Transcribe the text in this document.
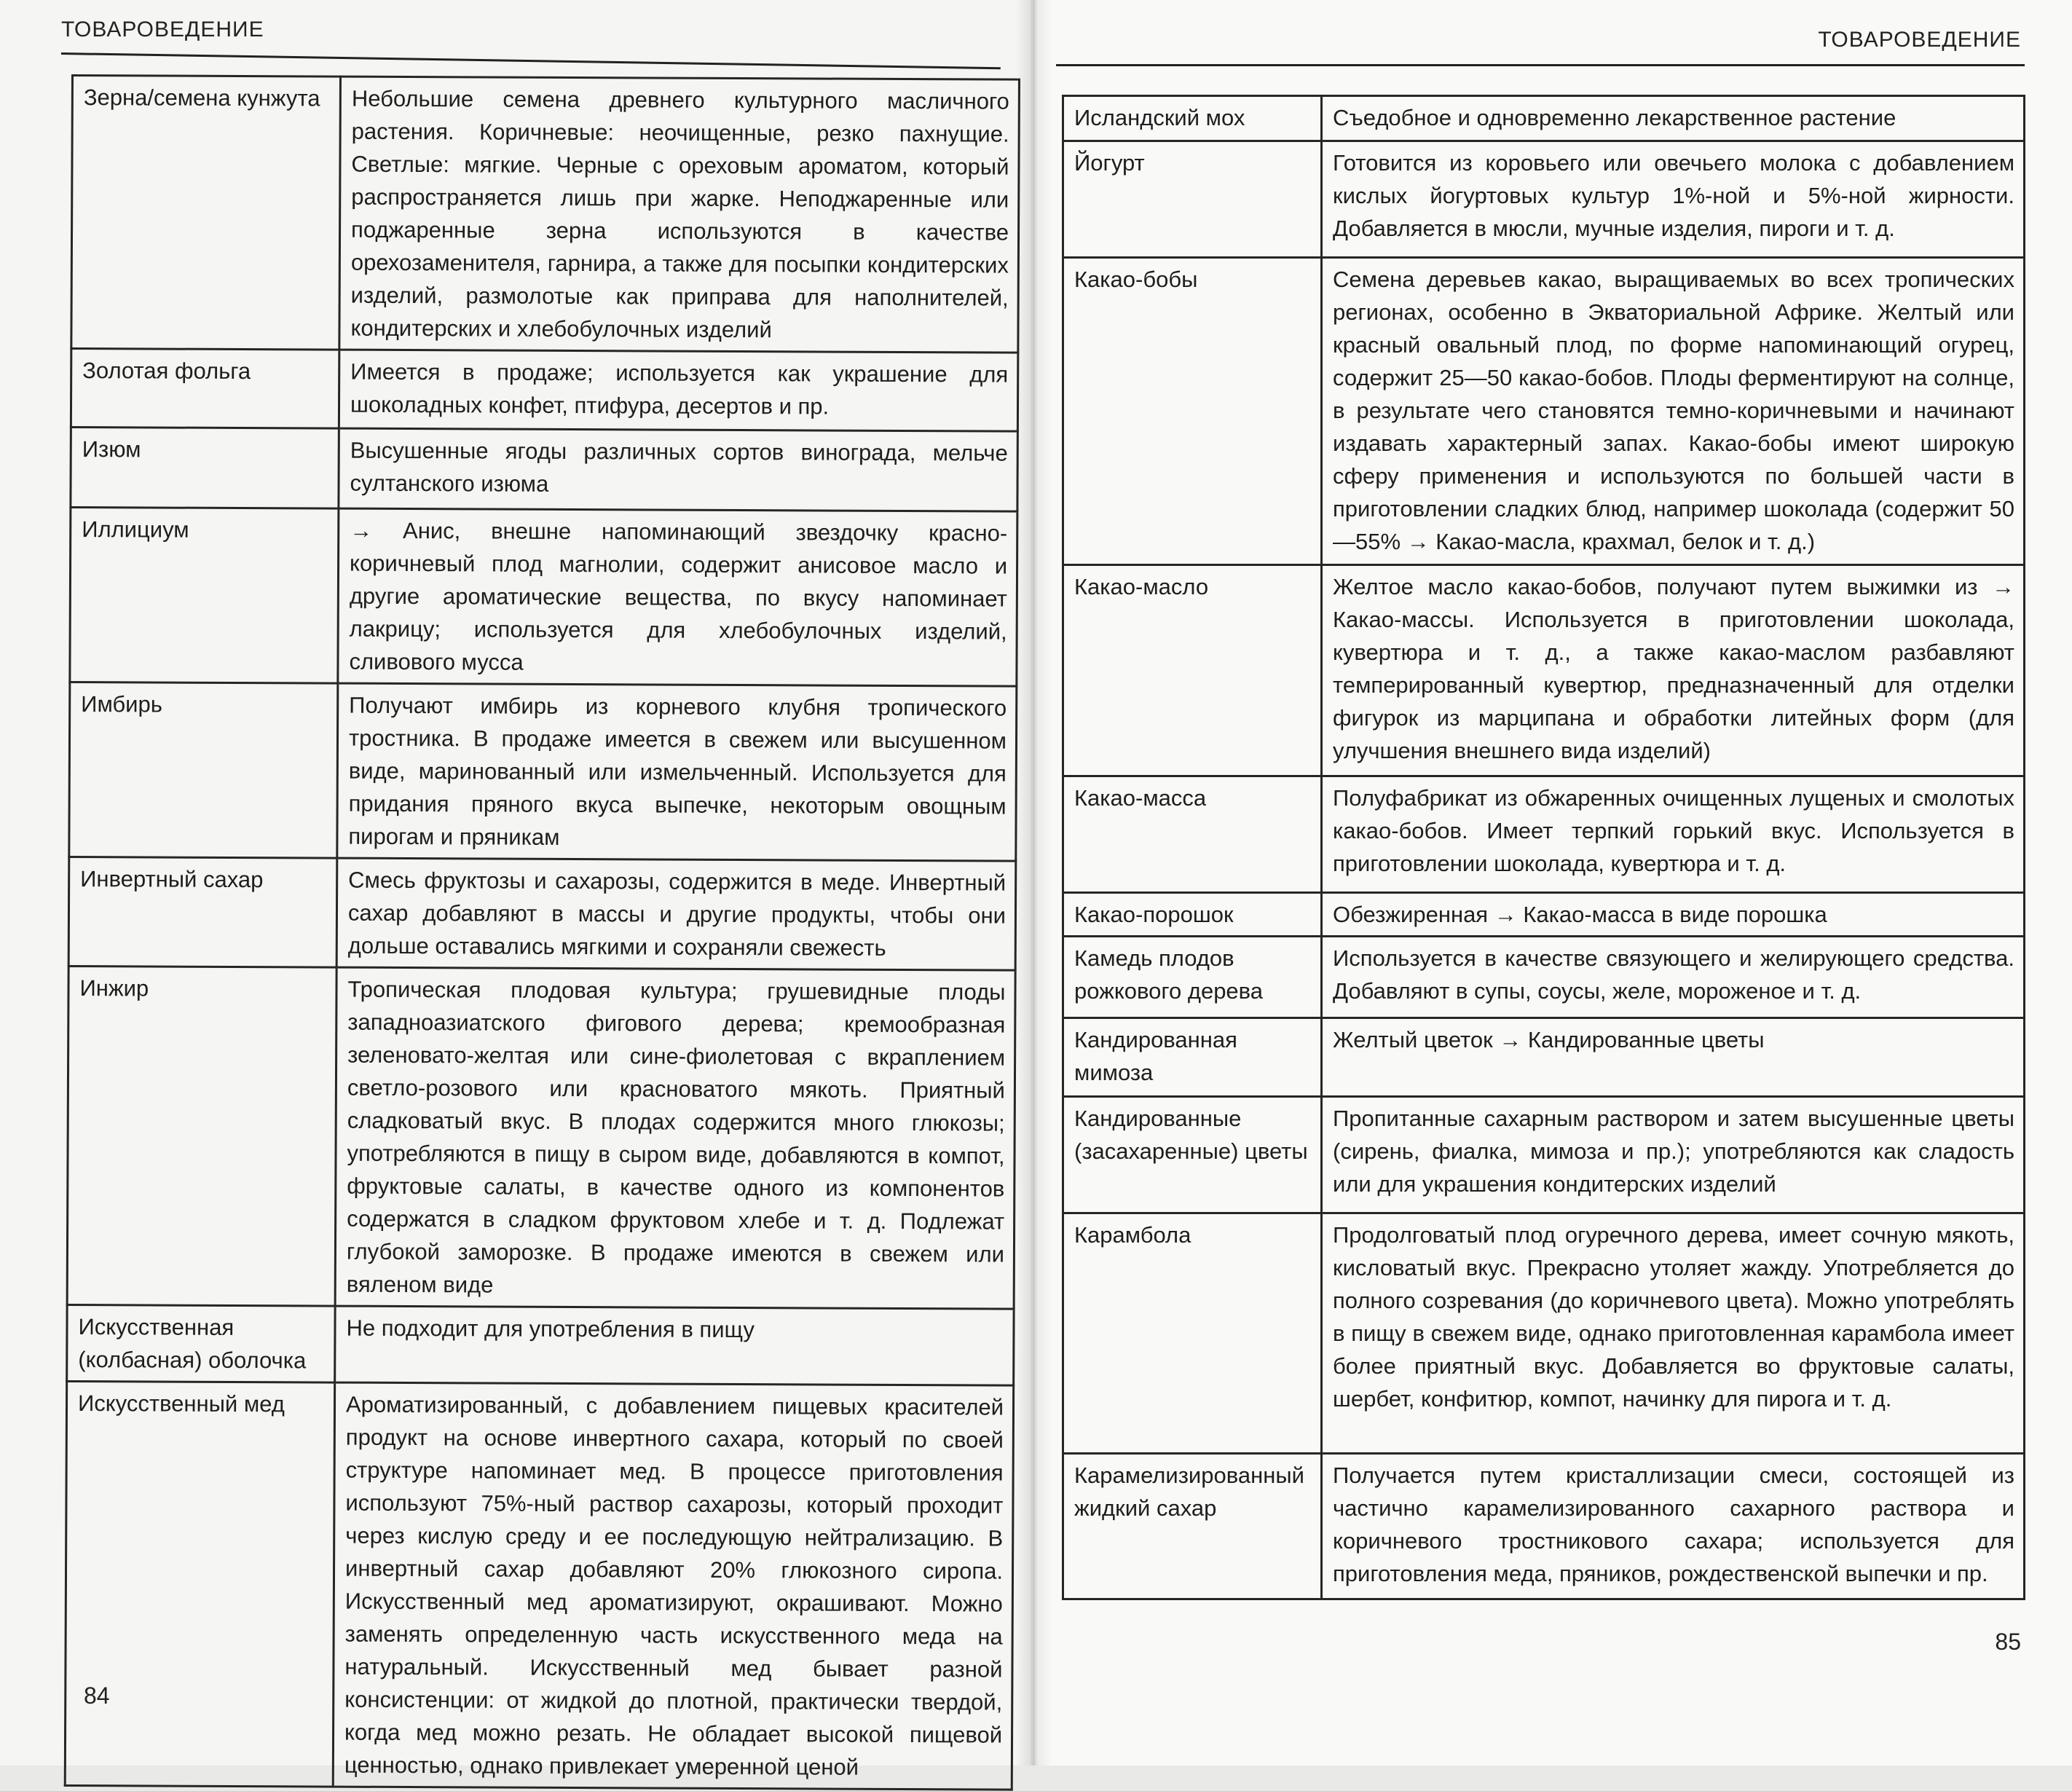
ТОВАРОВЕДЕНИЕ
Зерна/семена кунжута	Небольшие семена древнего культурного масличного растения. Коричневые: неочищенные, резко пахнущие. Светлые: мягкие. Черные с ореховым ароматом, который распространяется лишь при жарке. Неподжаренные или поджаренные зерна используются в качестве орехозаменителя, гарнира, а также для посыпки кондитерских изделий, размолотые как приправа для наполнителей, кондитерских и хлебобулочных изделий
Золотая фольга	Имеется в продаже; используется как украшение для шоколадных конфет, птифура, десертов и пр.
Изюм	Высушенные ягоды различных сортов винограда, мельче султанского изюма
Иллициум	→ Анис, внешне напоминающий звездочку красно-коричневый плод магнолии, содержит анисовое масло и другие ароматические вещества, по вкусу напоминает лакрицу; используется для хлебобулочных изделий, сливового мусса
Имбирь	Получают имбирь из корневого клубня тропического тростника. В продаже имеется в свежем или высушенном виде, маринованный или измельченный. Используется для придания пряного вкуса выпечке, некоторым овощным пирогам и пряникам
Инвертный сахар	Смесь фруктозы и сахарозы, содержится в меде. Инвертный сахар добавляют в массы и другие продукты, чтобы они дольше оставались мягкими и сохраняли свежесть
Инжир	Тропическая плодовая культура; грушевидные плоды западноазиатского фигового дерева; кремообразная зеленовато-желтая или сине-фиолетовая с вкраплением светло-розового или красноватого мякоть. Приятный сладковатый вкус. В плодах содержится много глюкозы; употребляются в пищу в сыром виде, добавляются в компот, фруктовые салаты, в качестве одного из компонентов содержатся в сладком фруктовом хлебе и т. д. Подлежат глубокой заморозке. В продаже имеются в свежем или вяленом виде
Искусственная (колбасная) оболочка	Не подходит для употребления в пищу
Искусственный мед	Ароматизированный, с добавлением пищевых красителей продукт на основе инвертного сахара, который по своей структуре напоминает мед. В процессе приготовления используют 75%-ный раствор сахарозы, который проходит через кислую среду и ее последующую нейтрализацию. В инвертный сахар добавляют 20% глюкозного сиропа. Искусственный мед ароматизируют, окрашивают. Можно заменять определенную часть искусственного меда на натуральный. Искусственный мед бывает разной консистенции: от жидкой до плотной, практически твердой, когда мед можно резать. Не обладает высокой пищевой ценностью, однако привлекает умеренной ценой
84
ТОВАРОВЕДЕНИЕ
Исландский мох	Съедобное и одновременно лекарственное растение
Йогурт	Готовится из коровьего или овечьего молока с добавлением кислых йогуртовых культур 1%-ной и 5%-ной жирности. Добавляется в мюсли, мучные изделия, пироги и т. д.
Какао-бобы	Семена деревьев какао, выращиваемых во всех тропических регионах, особенно в Экваториальной Африке. Желтый или красный овальный плод, по форме напоминающий огурец, содержит 25—50 какао-бобов. Плоды ферментируют на солнце, в результате чего становятся темно-коричневыми и начинают издавать характерный запах. Какао-бобы имеют широкую сферу применения и используются по большей части в приготовлении сладких блюд, например шоколада (содержит 50—55% → Какао-масла, крахмал, белок и т. д.)
Какао-масло	Желтое масло какао-бобов, получают путем выжимки из → Какао-массы. Используется в приготовлении шоколада, кувертюра и т. д., а также какао-маслом разбавляют темперированный кувертюр, предназначенный для отделки фигурок из марципана и обработки литейных форм (для улучшения внешнего вида изделий)
Какао-масса	Полуфабрикат из обжаренных очищенных лущеных и смолотых какао-бобов. Имеет терпкий горький вкус. Используется в приготовлении шоколада, кувертюра и т. д.
Какао-порошок	Обезжиренная → Какао-масса в виде порошка
Камедь плодов рожкового дерева	Используется в качестве связующего и желирующего средства. Добавляют в супы, соусы, желе, мороженое и т. д.
Кандированная мимоза	Желтый цветок → Кандированные цветы
Кандированные (засахаренные) цветы	Пропитанные сахарным раствором и затем высушенные цветы (сирень, фиалка, мимоза и пр.); употребляются как сладость или для украшения кондитерских изделий
Карамбола	Продолговатый плод огуречного дерева, имеет сочную мякоть, кисловатый вкус. Прекрасно утоляет жажду. Употребляется до полного созревания (до коричневого цвета). Можно употреблять в пищу в свежем виде, однако приготовленная карамбола имеет более приятный вкус. Добавляется во фруктовые салаты, шербет, конфитюр, компот, начинку для пирога и т. д.
Карамелизированный жидкий сахар	Получается путем кристаллизации смеси, состоящей из частично карамелизированного сахарного раствора и коричневого тростникового сахара; используется для приготовления меда, пряников, рождественской выпечки и пр.
85
